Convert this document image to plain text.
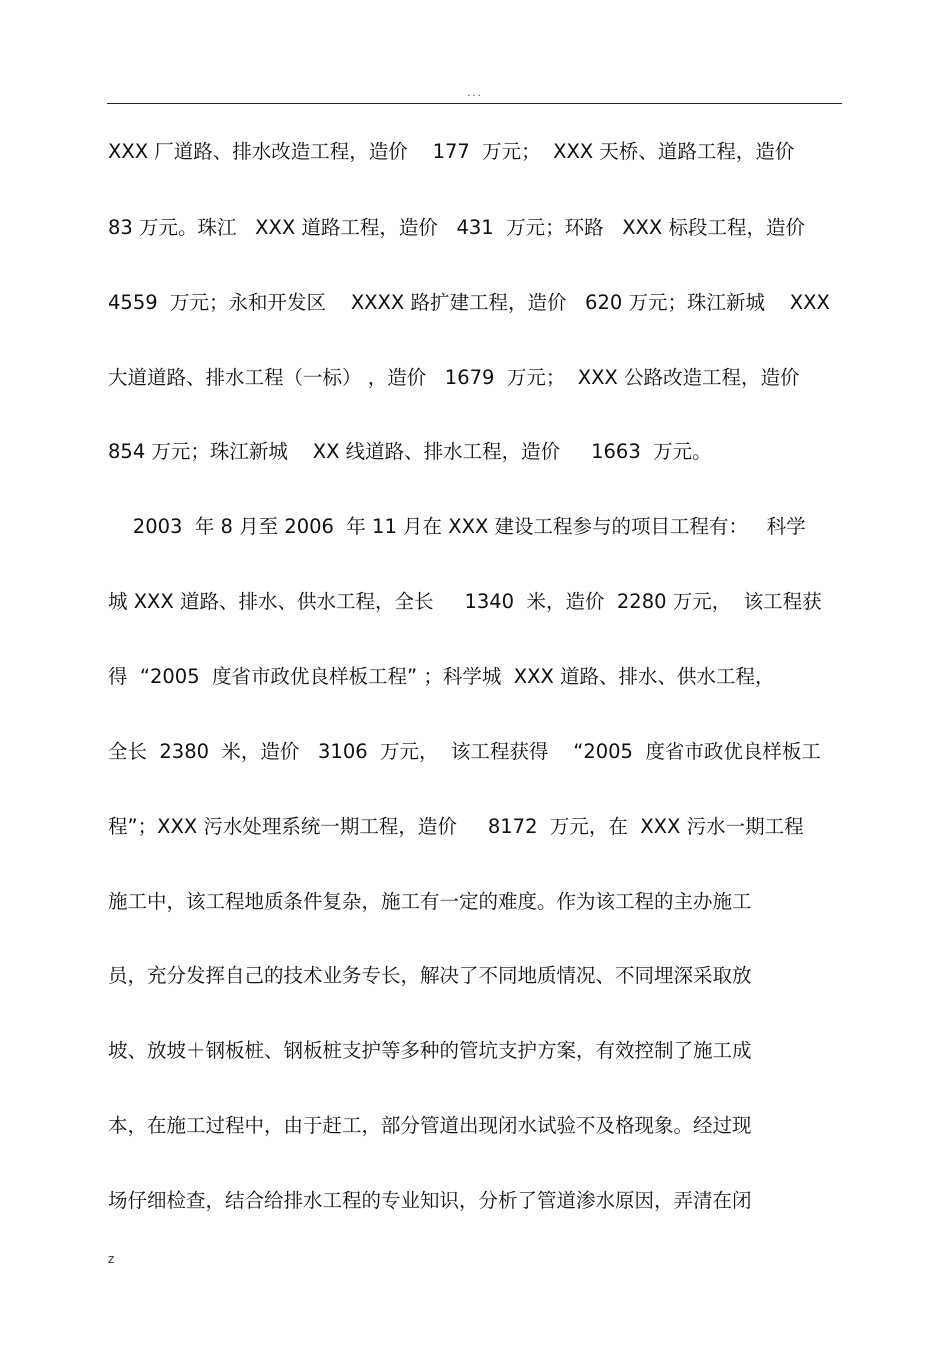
...
XXX 厂道路、排水改造工程，造价    177  万元；  XXX 天桥、道路工程，造价
83 万元。珠江   XXX 道路工程，造价   431  万元；环路   XXX 标段工程，造价
4559  万元；永和开发区    XXXX 路扩建工程，造价   620 万元；珠江新城    XXX
大道道路、排水工程（一标） ，造价   1679  万元；  XXX 公路改造工程，造价
854 万元；珠江新城    XX 线道路、排水工程，造价     1663  万元。
2003  年 8 月至 2006  年 11 月在 XXX 建设工程参与的项目工程有：   科学
城 XXX 道路、排水、供水工程，全长     1340  米，造价  2280 万元，  该工程获
得  “2005  度省市政优良样板工程” ；科学城  XXX 道路、排水、供水工程，
全长  2380  米，造价   3106  万元，  该工程获得    “2005  度省市政优良样板工
程”；XXX 污水处理系统一期工程，造价     8172  万元，在  XXX 污水一期工程
施工中，该工程地质条件复杂，施工有一定的难度。作为该工程的主办施工
员，充分发挥自己的技术业务专长，解决了不同地质情况、不同埋深采取放
坡、放坡＋钢板桩、钢板桩支护等多种的管坑支护方案，有效控制了施工成
本，在施工过程中，由于赶工，部分管道出现闭水试验不及格现象。经过现
场仔细检查，结合给排水工程的专业知识，分析了管道渗水原因，弄清在闭
z
